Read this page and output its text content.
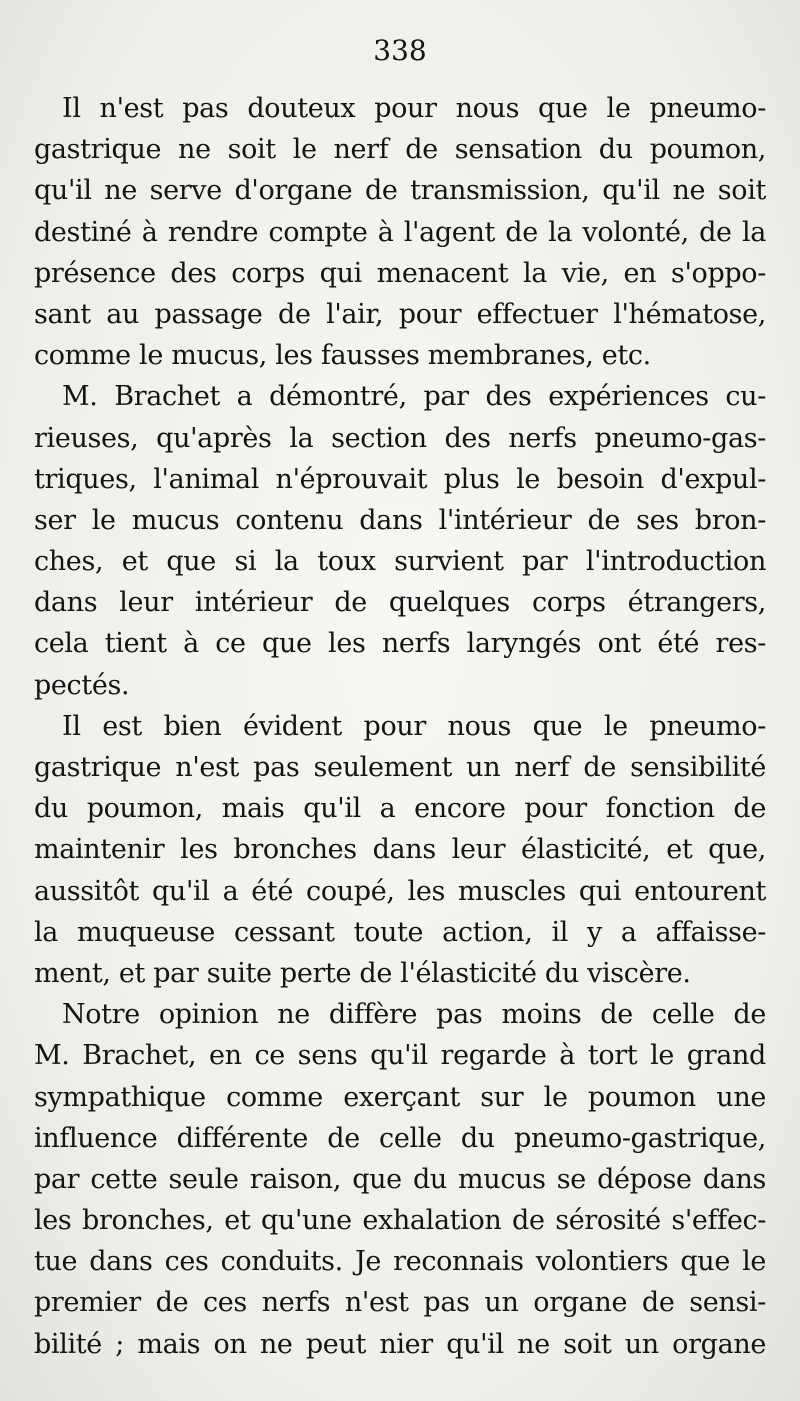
338
Il n'est pas douteux pour nous que le pneumo-
gastrique ne soit le nerf de sensation du poumon,
qu'il ne serve d'organe de transmission, qu'il ne soit
destiné à rendre compte à l'agent de la volonté, de la
présence des corps qui menacent la vie, en s'oppo-
sant au passage de l'air, pour effectuer l'hématose,
comme le mucus, les fausses membranes, etc.
M. Brachet a démontré, par des expériences cu-
rieuses, qu'après la section des nerfs pneumo-gas-
triques, l'animal n'éprouvait plus le besoin d'expul-
ser le mucus contenu dans l'intérieur de ses bron-
ches, et que si la toux survient par l'introduction
dans leur intérieur de quelques corps étrangers,
cela tient à ce que les nerfs laryngés ont été res-
pectés.
Il est bien évident pour nous que le pneumo-
gastrique n'est pas seulement un nerf de sensibilité
du poumon, mais qu'il a encore pour fonction de
maintenir les bronches dans leur élasticité, et que,
aussitôt qu'il a été coupé, les muscles qui entourent
la muqueuse cessant toute action, il y a affaisse-
ment, et par suite perte de l'élasticité du viscère.
Notre opinion ne diffère pas moins de celle de
M. Brachet, en ce sens qu'il regarde à tort le grand
sympathique comme exerçant sur le poumon une
influence différente de celle du pneumo-gastrique,
par cette seule raison, que du mucus se dépose dans
les bronches, et qu'une exhalation de sérosité s'effec-
tue dans ces conduits. Je reconnais volontiers que le
premier de ces nerfs n'est pas un organe de sensi-
bilité ; mais on ne peut nier qu'il ne soit un organe
